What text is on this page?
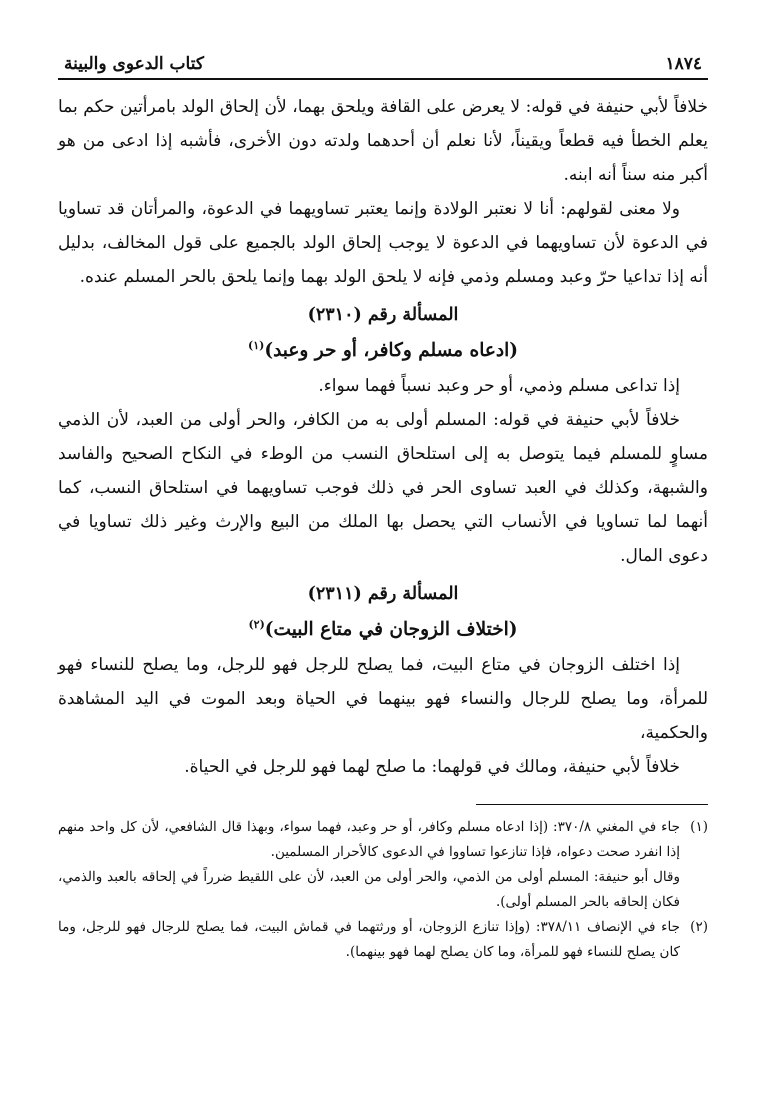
١٨٧٤
كتاب الدعوى والبينة

خلافاً لأبي حنيفة في قوله: لا يعرض على القافة ويلحق بهما، لأن إلحاق الولد بامرأتين حكم بما يعلم الخطأ فيه قطعاً ويقيناً، لأنا نعلم أن أحدهما ولدته دون الأخرى، فأشبه إذا ادعى من هو أكبر منه سناً أنه ابنه.

ولا معنى لقولهم: أنا لا نعتبر الولادة وإنما يعتبر تساويهما في الدعوة، والمرأتان قد تساويا في الدعوة لأن تساويهما في الدعوة لا يوجب إلحاق الولد بالجميع على قول المخالف، بدليل أنه إذا تداعيا حرّ وعبد ومسلم وذمي فإنه لا يلحق الولد بهما وإنما يلحق بالحر المسلم عنده.

المسألة رقم (٢٣١٠)
(ادعاه مسلم وكافر، أو حر وعبد)$^{(١)}$

إذا تداعى مسلم وذمي، أو حر وعبد نسباً فهما سواء.

خلافاً لأبي حنيفة في قوله: المسلم أولى به من الكافر، والحر أولى من العبد، لأن الذمي مساوٍ للمسلم فيما يتوصل به إلى استلحاق النسب من الوطء في النكاح الصحيح والفاسد والشبهة، وكذلك في العبد تساوى الحر في ذلك فوجب تساويهما في استلحاق النسب، كما أنهما لما تساويا في الأنساب التي يحصل بها الملك من البيع والإرث وغير ذلك تساويا في دعوى المال.

المسألة رقم (٢٣١١)
(اختلاف الزوجان في متاع البيت)$^{(٢)}$

إذا اختلف الزوجان في متاع البيت، فما يصلح للرجل فهو للرجل، وما يصلح للنساء فهو للمرأة، وما يصلح للرجال والنساء فهو بينهما في الحياة وبعد الموت في اليد المشاهدة والحكمية،

خلافاً لأبي حنيفة، ومالك في قولهما: ما صلح لهما فهو للرجل في الحياة.

(١)جاء في المغني ٣٧٠/٨: (إذا ادعاه مسلم وكافر، أو حر وعبد، فهما سواء، وبهذا قال الشافعي، لأن كل واحد منهم إذا انفرد صحت دعواه، فإذا تنازعوا تساووا في الدعوى كالأحرار المسلمين.

وقال أبو حنيفة: المسلم أولى من الذمي، والحر أولى من العبد، لأن على اللقيط ضرراً في إلحاقه بالعبد والذمي، فكان إلحاقه بالحر المسلم أولى).

(٢)جاء في الإنصاف ٣٧٨/١١: (وإذا تنازع الزوجان، أو ورثتهما في قماش البيت، فما يصلح للرجال فهو للرجل، وما كان يصلح للنساء فهو للمرأة، وما كان يصلح لهما فهو بينهما).
